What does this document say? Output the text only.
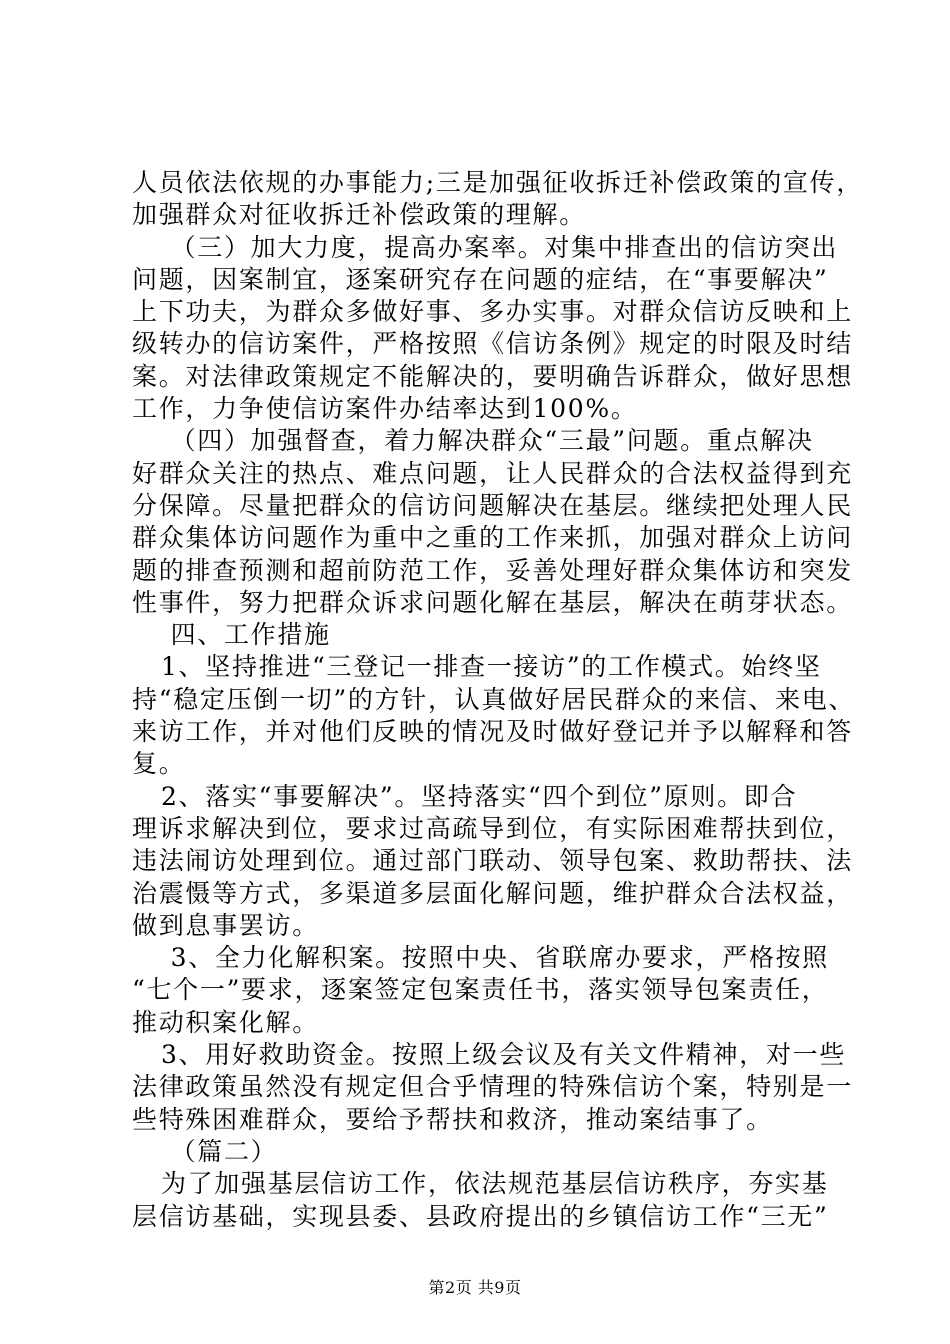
人员依法依规的办事能力;三是加强征收拆迁补偿政策的宣传，
加强群众对征收拆迁补偿政策的理解。
（三）加大力度，提高办案率。对集中排查出的信访突出
问题，因案制宜，逐案研究存在问题的症结，在“事要解决”
上下功夫，为群众多做好事、多办实事。对群众信访反映和上
级转办的信访案件，严格按照《信访条例》规定的时限及时结
案。对法律政策规定不能解决的，要明确告诉群众，做好思想
工作，力争使信访案件办结率达到100%。
（四）加强督查，着力解决群众“三最”问题。重点解决
好群众关注的热点、难点问题，让人民群众的合法权益得到充
分保障。尽量把群众的信访问题解决在基层。继续把处理人民
群众集体访问题作为重中之重的工作来抓，加强对群众上访问
题的排查预测和超前防范工作，妥善处理好群众集体访和突发
性事件，努力把群众诉求问题化解在基层，解决在萌芽状态。
四、工作措施
1、坚持推进“三登记一排查一接访”的工作模式。始终坚
持“稳定压倒一切”的方针，认真做好居民群众的来信、来电、
来访工作，并对他们反映的情况及时做好登记并予以解释和答
复。
2、落实“事要解决”。坚持落实“四个到位”原则。即合
理诉求解决到位，要求过高疏导到位，有实际困难帮扶到位，
违法闹访处理到位。通过部门联动、领导包案、救助帮扶、法
治震慑等方式，多渠道多层面化解问题，维护群众合法权益，
做到息事罢访。
3、全力化解积案。按照中央、省联席办要求，严格按照
“七个一”要求，逐案签定包案责任书，落实领导包案责任，
推动积案化解。
3、用好救助资金。按照上级会议及有关文件精神，对一些
法律政策虽然没有规定但合乎情理的特殊信访个案，特别是一
些特殊困难群众，要给予帮扶和救济，推动案结事了。
（篇二）
为了加强基层信访工作，依法规范基层信访秩序，夯实基
层信访基础，实现县委、县政府提出的乡镇信访工作“三无”
第2页 共9页
